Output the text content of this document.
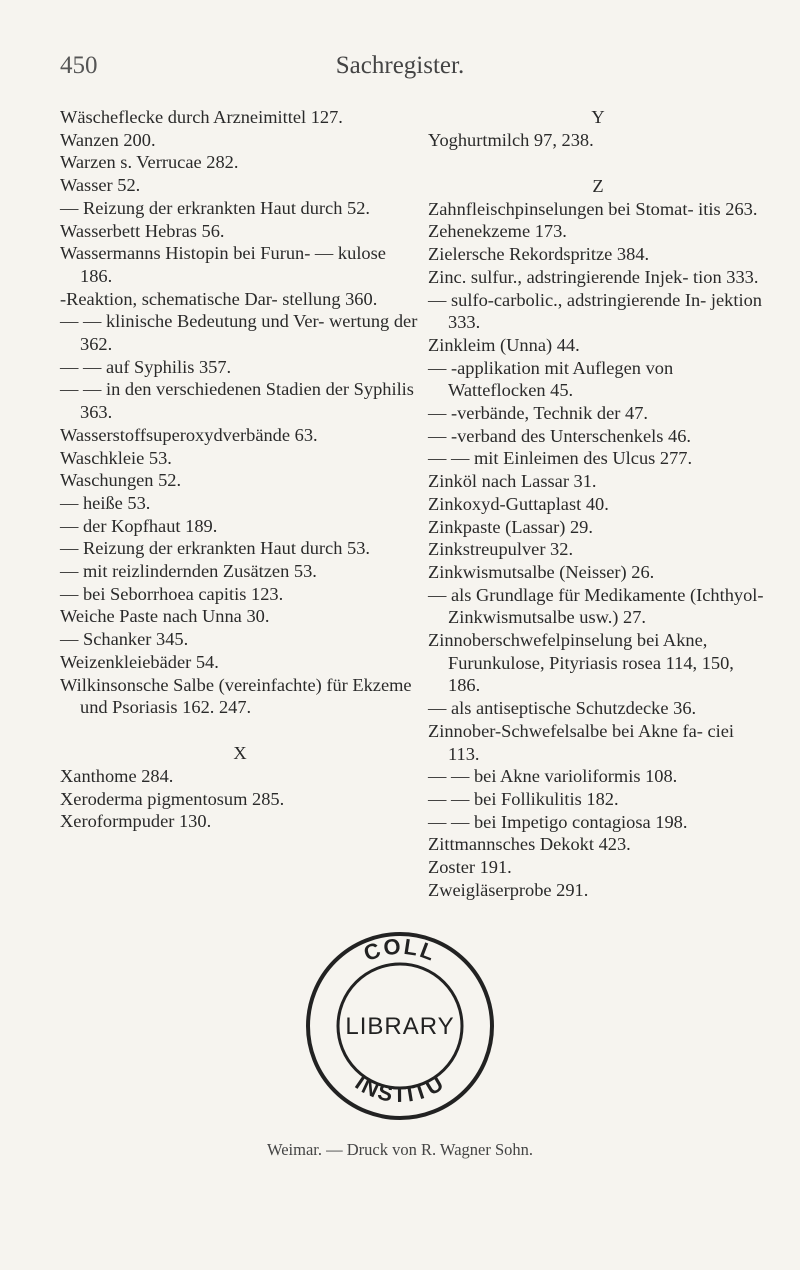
450	Sachregister.
Wäscheflecke durch Arzneimittel 127.
Wanzen 200.
Warzen s. Verrucae 282.
Wasser 52.
— Reizung der erkrankten Haut durch 52.
Wasserbett Hebras 56.
Wassermanns Histopin bei Furun- — kulose 186.
-Reaktion, schematische Dar- stellung 360.
— — klinische Bedeutung und Ver- wertung der 362.
— — auf Syphilis 357.
— — in den verschiedenen Stadien der Syphilis 363.
Wasserstoffsuperoxydverbände 63.
Waschkleie 53.
Waschungen 52.
— heiße 53.
— der Kopfhaut 189.
— Reizung der erkrankten Haut durch 53.
— mit reizlindernden Zusätzen 53.
— bei Seborrhoea capitis 123.
Weiche Paste nach Unna 30.
— Schanker 345.
Weizenkleiebäder 54.
Wilkinsonsche Salbe (vereinfachte) für Ekzeme und Psoriasis 162. 247.
X
Xanthome 284.
Xeroderma pigmentosum 285.
Xeroformpuder 130.
Y
Yoghurtmilch 97, 238.
Z
Zahnfleischpinselungen bei Stomat- itis 263.
Zehenekzeme 173.
Zielersche Rekordspritze 384.
Zinc. sulfur., adstringierende Injek- tion 333.
— sulfo-carbolic., adstringierende In- jektion 333.
Zinkleim (Unna) 44.
— -applikation mit Auflegen von Watteflocken 45.
— -verbände, Technik der 47.
— -verband des Unterschenkels 46.
— — mit Einleimen des Ulcus 277.
Zinköl nach Lassar 31.
Zinkoxyd-Guttaplast 40.
Zinkpaste (Lassar) 29.
Zinkstreupulver 32.
Zinkwismutsalbe (Neisser) 26.
— als Grundlage für Medikamente (Ichthyol-Zinkwismutsalbe usw.) 27.
Zinnoberschwefelpinselung bei Akne, Furunkulose, Pityriasis rosea 114, 150, 186.
— als antiseptische Schutzdecke 36.
Zinnober-Schwefelsalbe bei Akne fa- ciei 113.
— — bei Akne varioliformis 108.
— — bei Follikulitis 182.
— — bei Impetigo contagiosa 198.
Zittmannsches Dekokt 423.
Zoster 191.
Zweigläserprobe 291.
COLL
INSTITU
LIBRARY
Weimar. — Druck von R. Wagner Sohn.
